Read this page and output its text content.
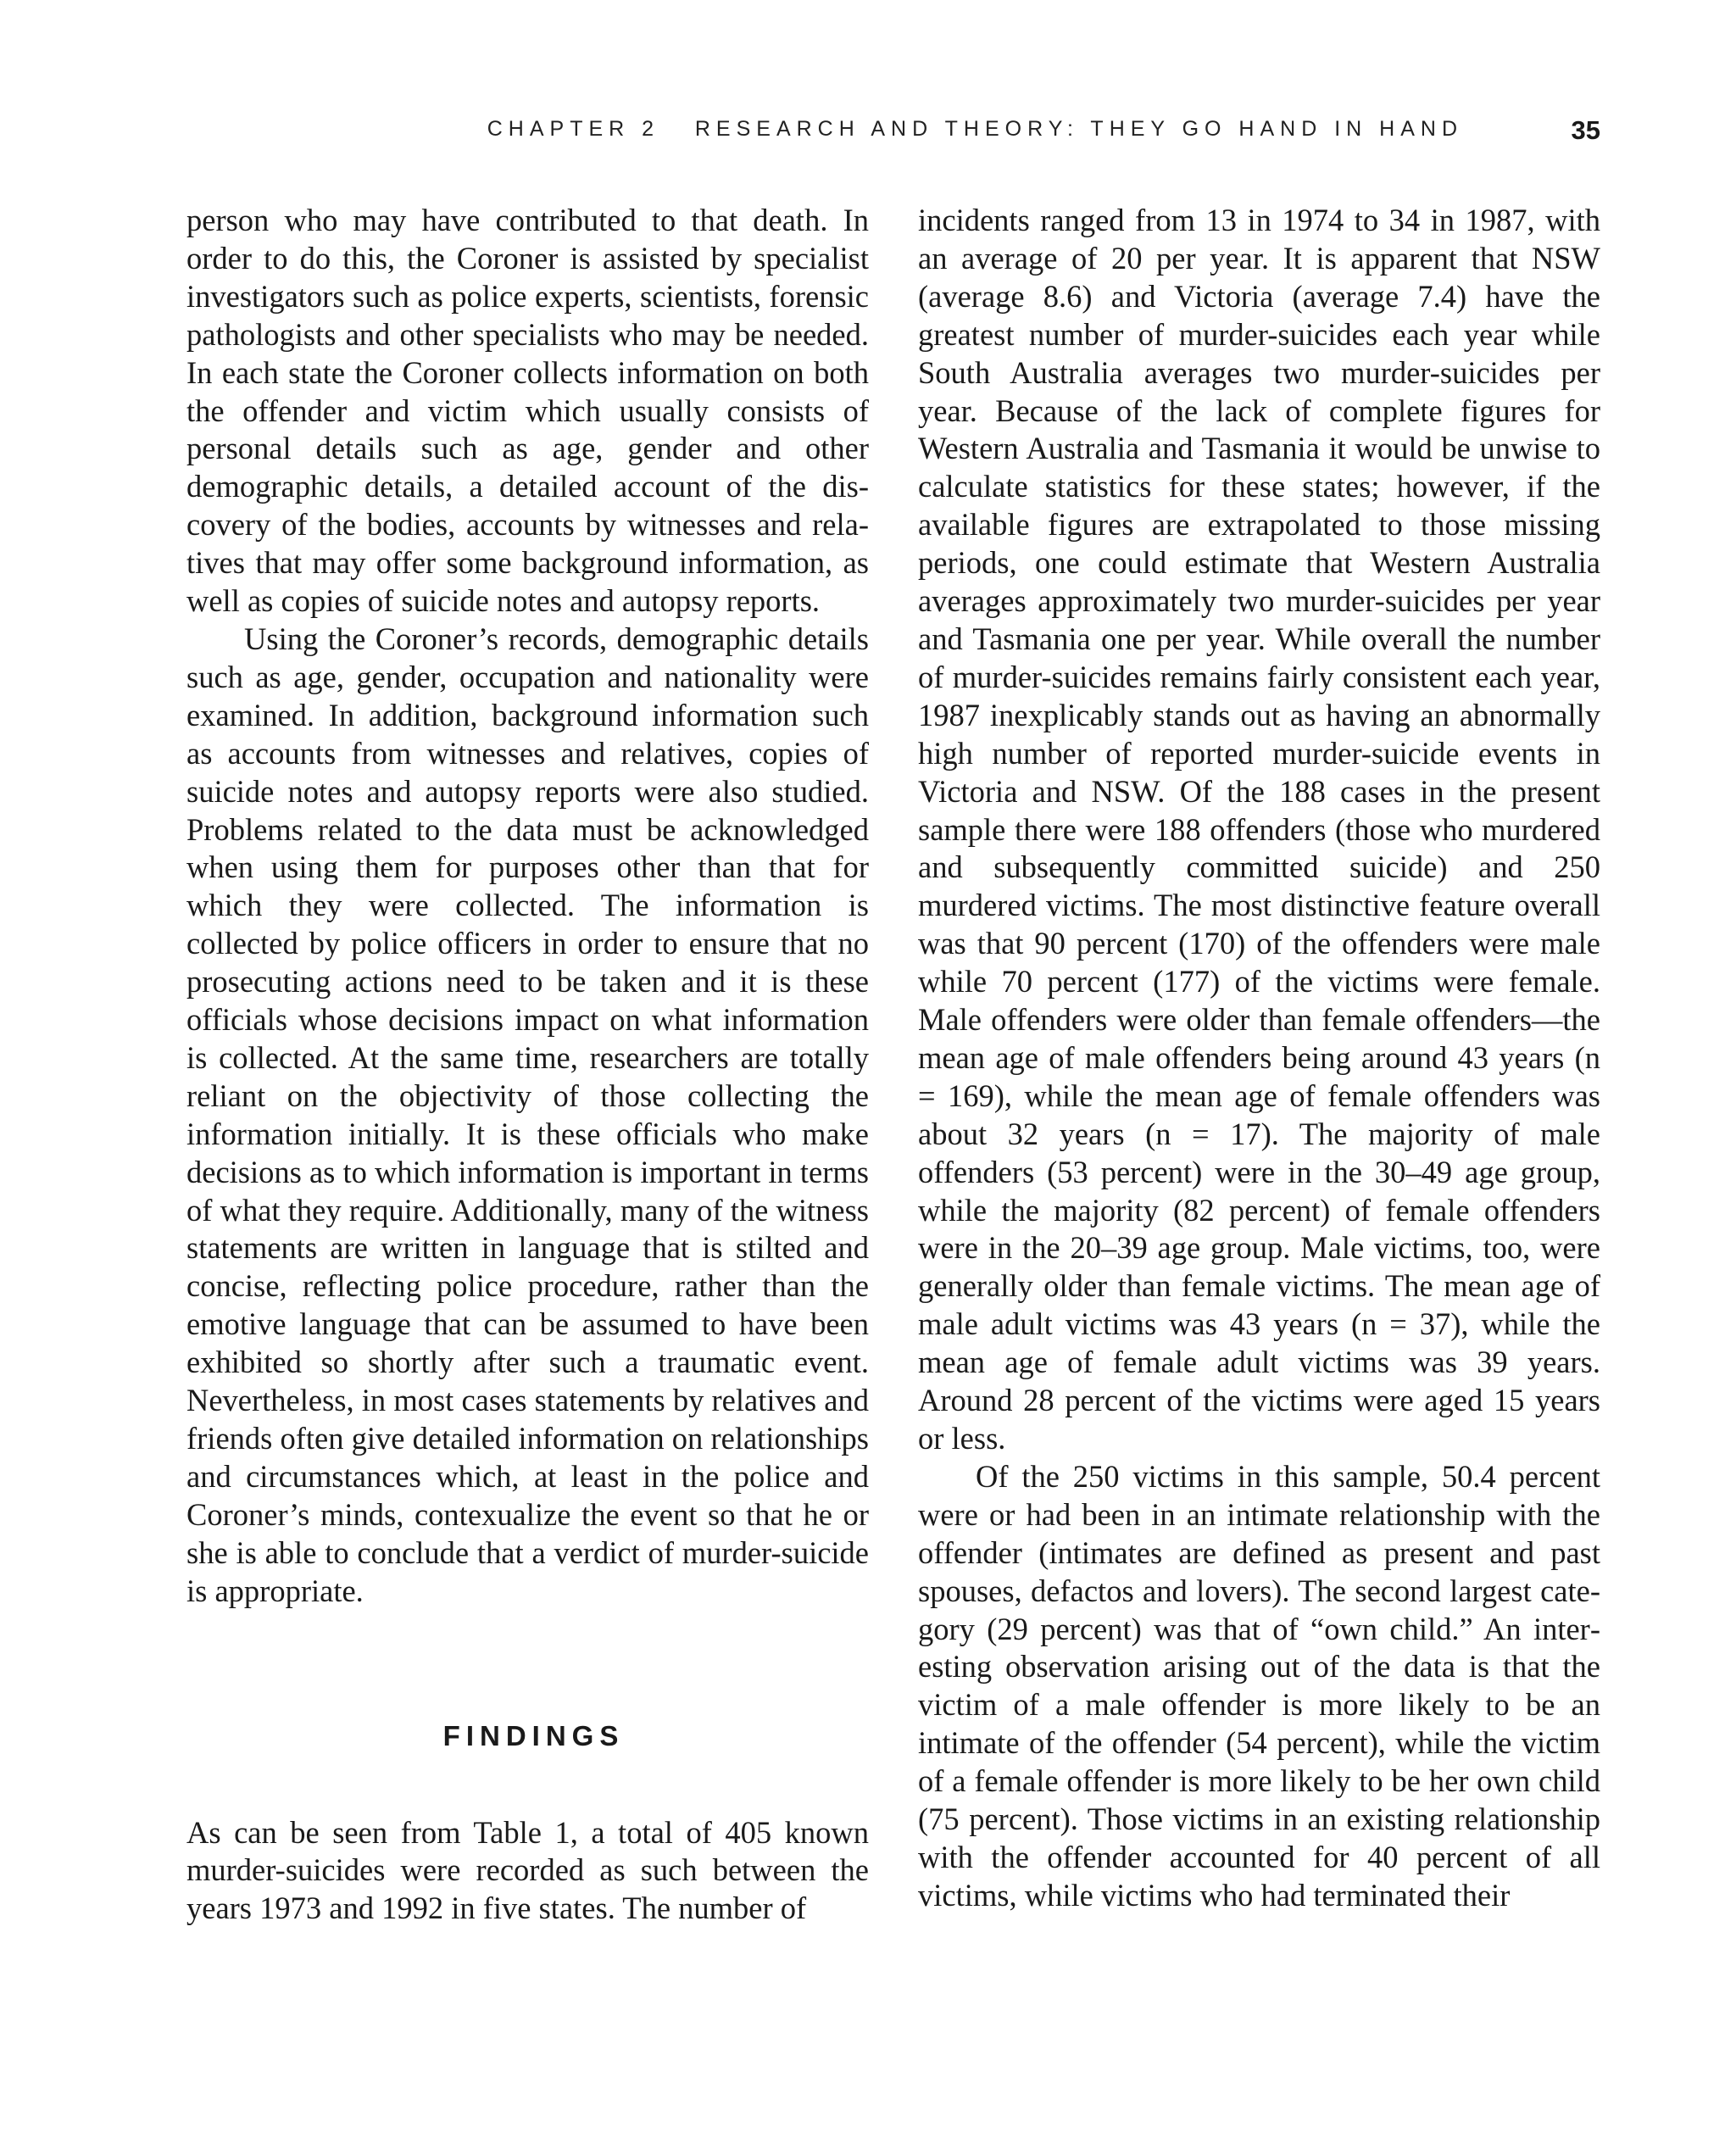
CHAPTER 2   RESEARCH AND THEORY: THEY GO HAND IN HAND	35

person who may have contributed to that death. In order to do this, the Coroner is assisted by specialist investigators such as police experts, scientists, forensic pathologists and other specialists who may be needed. In each state the Coroner collects information on both the offender and victim which usually consists of personal details such as age, gender and other demographic details, a detailed account of the discovery of the bodies, accounts by witnesses and relatives that may offer some background information, as well as copies of suicide notes and autopsy reports.

Using the Coroner’s records, demographic details such as age, gender, occupation and nationality were examined. In addition, background information such as accounts from witnesses and relatives, copies of suicide notes and autopsy reports were also studied. Problems related to the data must be acknowledged when using them for purposes other than that for which they were collected. The information is collected by police officers in order to ensure that no prosecuting actions need to be taken and it is these officials whose decisions impact on what information is collected. At the same time, researchers are totally reliant on the objectivity of those collecting the information initially. It is these officials who make decisions as to which information is important in terms of what they require. Additionally, many of the witness statements are written in language that is stilted and concise, reflecting police procedure, rather than the emotive language that can be assumed to have been exhibited so shortly after such a traumatic event. Nevertheless, in most cases statements by relatives and friends often give detailed information on relationships and circumstances which, at least in the police and Coroner’s minds, contexualize the event so that he or she is able to conclude that a verdict of murder-suicide is appropriate.

FINDINGS

As can be seen from Table 1, a total of 405 known murder-suicides were recorded as such between the years 1973 and 1992 in five states. The number of

incidents ranged from 13 in 1974 to 34 in 1987, with an average of 20 per year. It is apparent that NSW (average 8.6) and Victoria (average 7.4) have the greatest number of murder-suicides each year while South Australia averages two murder-suicides per year. Because of the lack of complete figures for Western Australia and Tasmania it would be unwise to calculate statistics for these states; however, if the available figures are extrapolated to those missing periods, one could estimate that Western Australia averages approximately two murder-suicides per year and Tasmania one per year. While overall the number of murder-suicides remains fairly consistent each year, 1987 inexplicably stands out as having an abnormally high number of reported murder-suicide events in Victoria and NSW. Of the 188 cases in the present sample there were 188 offenders (those who murdered and subsequently committed suicide) and 250 murdered victims. The most distinctive feature overall was that 90 percent (170) of the offenders were male while 70 percent (177) of the victims were female. Male offenders were older than female offenders—the mean age of male offenders being around 43 years (n = 169), while the mean age of female offenders was about 32 years (n = 17). The majority of male offenders (53 percent) were in the 30–​49 age group, while the majority (82 percent) of female offenders were in the 20–39 age group. Male victims, too, were generally older than female victims. The mean age of male adult victims was 43 years (n = 37), while the mean age of female adult victims was 39 years. Around 28 percent of the victims were aged 15 years or less.

Of the 250 victims in this sample, 50.4 percent were or had been in an intimate relationship with the offender (intimates are defined as present and past spouses, defactos and lovers). The second largest category (29 percent) was that of “own child.” An interesting observation arising out of the data is that the victim of a male offender is more likely to be an intimate of the offender (54 percent), while the victim of a female offender is more likely to be her own child (75 percent). Those victims in an existing relationship with the offender accounted for 40 percent of all victims, while victims who had terminated their
